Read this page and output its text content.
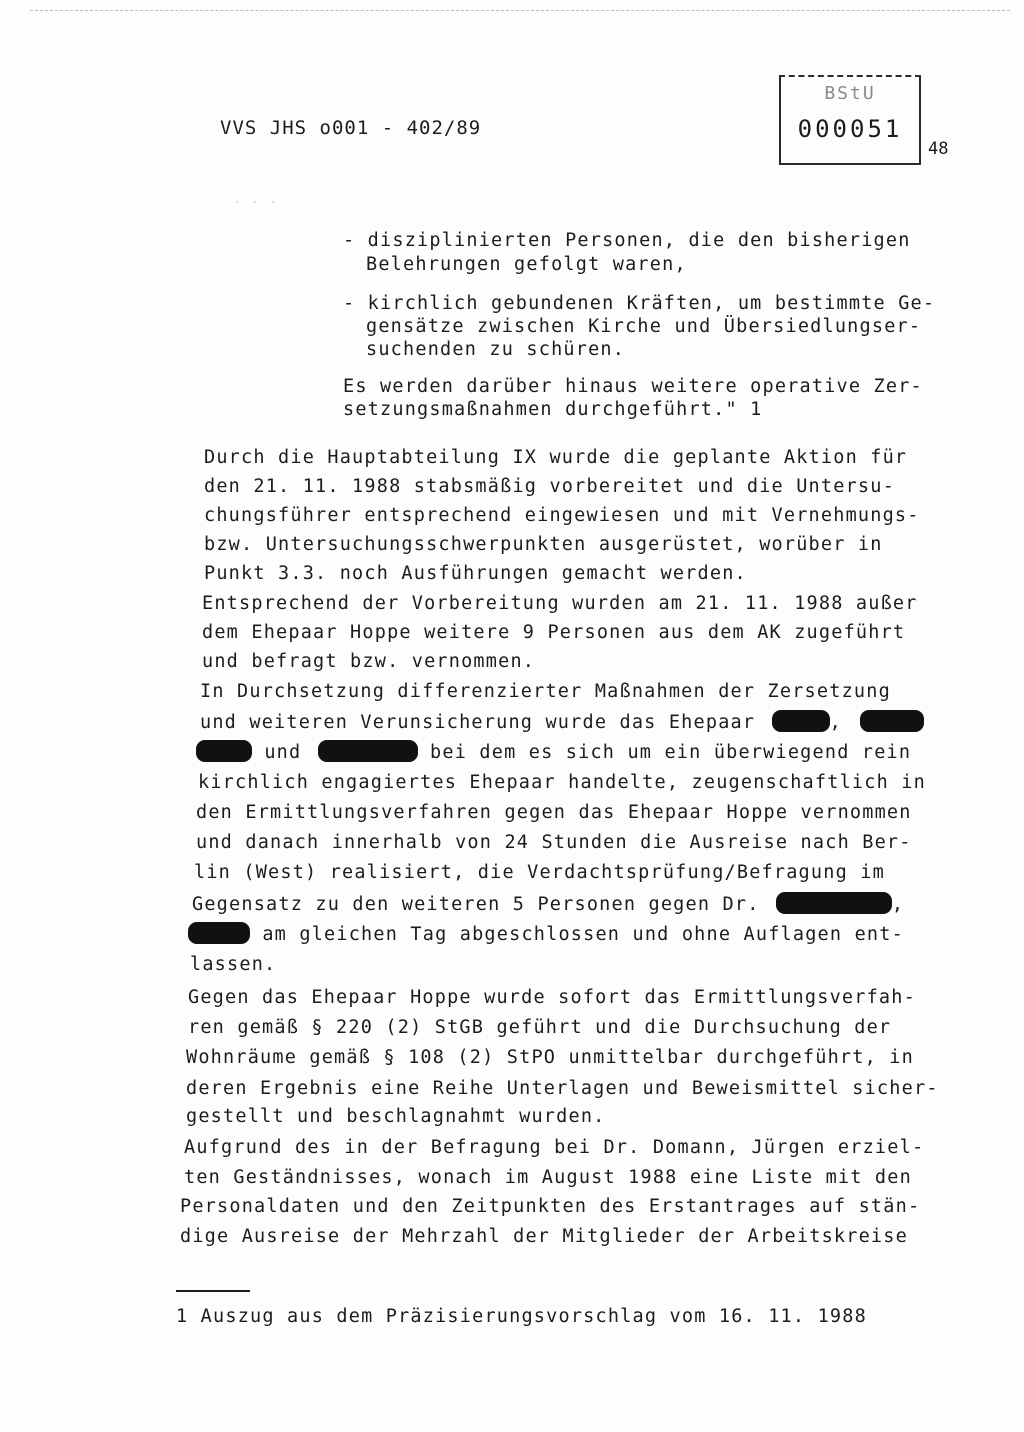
VVS JHS o001 - 402/89
BStU
000051
48
· · ·
- disziplinierten Personen, die den bisherigen
Belehrungen gefolgt waren,
- kirchlich gebundenen Kräften, um bestimmte Ge-
gensätze zwischen Kirche und Übersiedlungser-
suchenden zu schüren.
Es werden darüber hinaus weitere operative Zer-
setzungsmaßnahmen durchgeführt." 1
Durch die Hauptabteilung IX wurde die geplante Aktion für
den 21. 11. 1988 stabsmäßig vorbereitet und die Untersu-
chungsführer entsprechend eingewiesen und mit Vernehmungs-
bzw. Untersuchungsschwerpunkten ausgerüstet, worüber in
Punkt 3.3. noch Ausführungen gemacht werden.
Entsprechend der Vorbereitung wurden am 21. 11. 1988 außer
dem Ehepaar Hoppe weitere 9 Personen aus dem AK zugeführt
und befragt bzw. vernommen.
In Durchsetzung differenzierter Maßnahmen der Zersetzung
und weiteren Verunsicherung wurde das Ehepaar	,
und	bei dem es sich um ein überwiegend rein
kirchlich engagiertes Ehepaar handelte, zeugenschaftlich in
den Ermittlungsverfahren gegen das Ehepaar Hoppe vernommen
und danach innerhalb von 24 Stunden die Ausreise nach Ber-
lin (West) realisiert, die Verdachtsprüfung/Befragung im
Gegensatz zu den weiteren 5 Personen gegen Dr.	,
am gleichen Tag abgeschlossen und ohne Auflagen ent-
lassen.
Gegen das Ehepaar Hoppe wurde sofort das Ermittlungsverfah-
ren gemäß § 220 (2) StGB geführt und die Durchsuchung der
Wohnräume gemäß § 108 (2) StPO unmittelbar durchgeführt, in
deren Ergebnis eine Reihe Unterlagen und Beweismittel sicher-
gestellt und beschlagnahmt wurden.
Aufgrund des in der Befragung bei Dr. Domann, Jürgen erziel-
ten Geständnisses, wonach im August 1988 eine Liste mit den
Personaldaten und den Zeitpunkten des Erstantrages auf stän-
dige Ausreise der Mehrzahl der Mitglieder der Arbeitskreise
1 Auszug aus dem Präzisierungsvorschlag vom 16. 11. 1988
